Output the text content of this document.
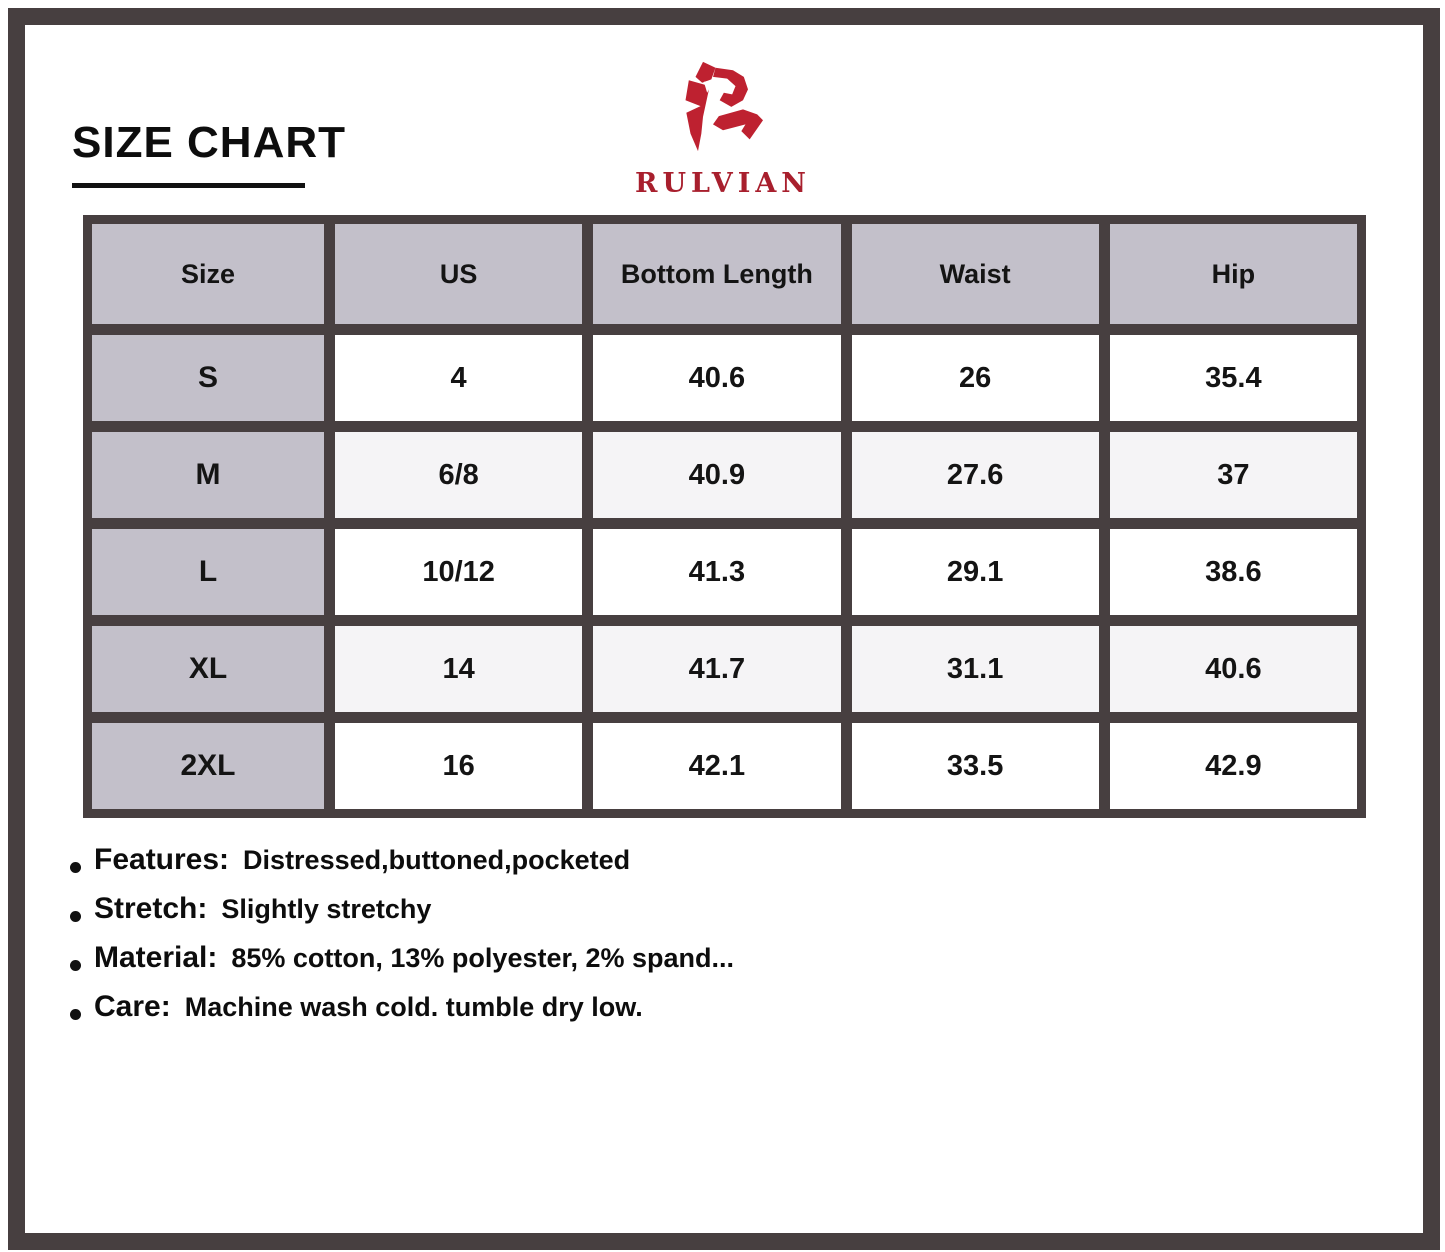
SIZE CHART
RULVIAN
Size	US	Bottom Length	Waist	Hip
S	4	40.6	26	35.4
M	6/8	40.9	27.6	37
L	10/12	41.3	29.1	38.6
XL	14	41.7	31.1	40.6
2XL	16	42.1	33.5	42.9
Features: Distressed,buttoned,pocketed
Stretch: Slightly stretchy
Material: 85% cotton, 13% polyester, 2% spand...
Care: Machine wash cold. tumble dry low.
